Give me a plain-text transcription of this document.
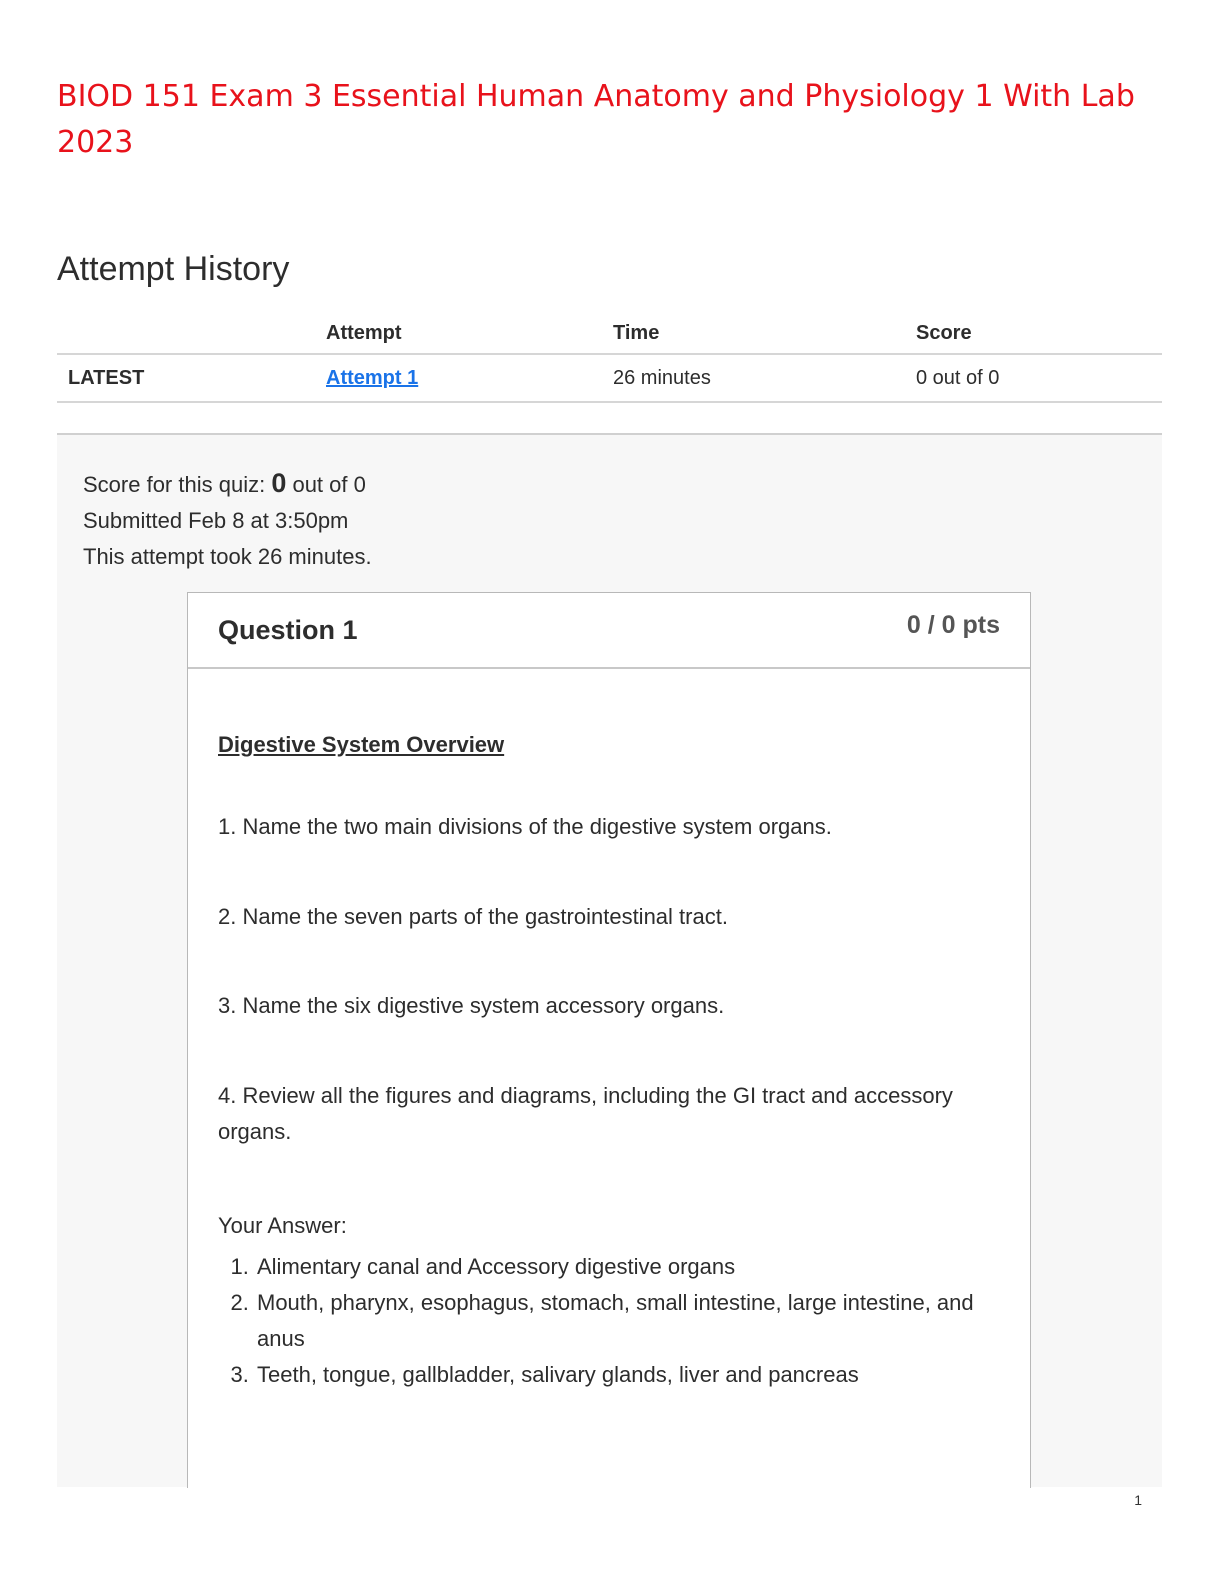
BIOD 151 Exam 3 Essential Human Anatomy and Physiology 1 With Lab 2023
Attempt History
	Attempt	Time	Score
LATEST	Attempt 1	26 minutes	0 out of 0
Score for this quiz: 0 out of 0
Submitted Feb 8 at 3:50pm
This attempt took 26 minutes.
Question 1	0 / 0 pts
Digestive System Overview
1. Name the two main divisions of the digestive system organs.
2. Name the seven parts of the gastrointestinal tract.
3. Name the six digestive system accessory organs.
4. Review all the figures and diagrams, including the GI tract and accessory organs.
Your Answer:
1. Alimentary canal and Accessory digestive organs
2. Mouth, pharynx, esophagus, stomach, small intestine, large intestine, and anus
3. Teeth, tongue, gallbladder, salivary glands, liver and pancreas
1
